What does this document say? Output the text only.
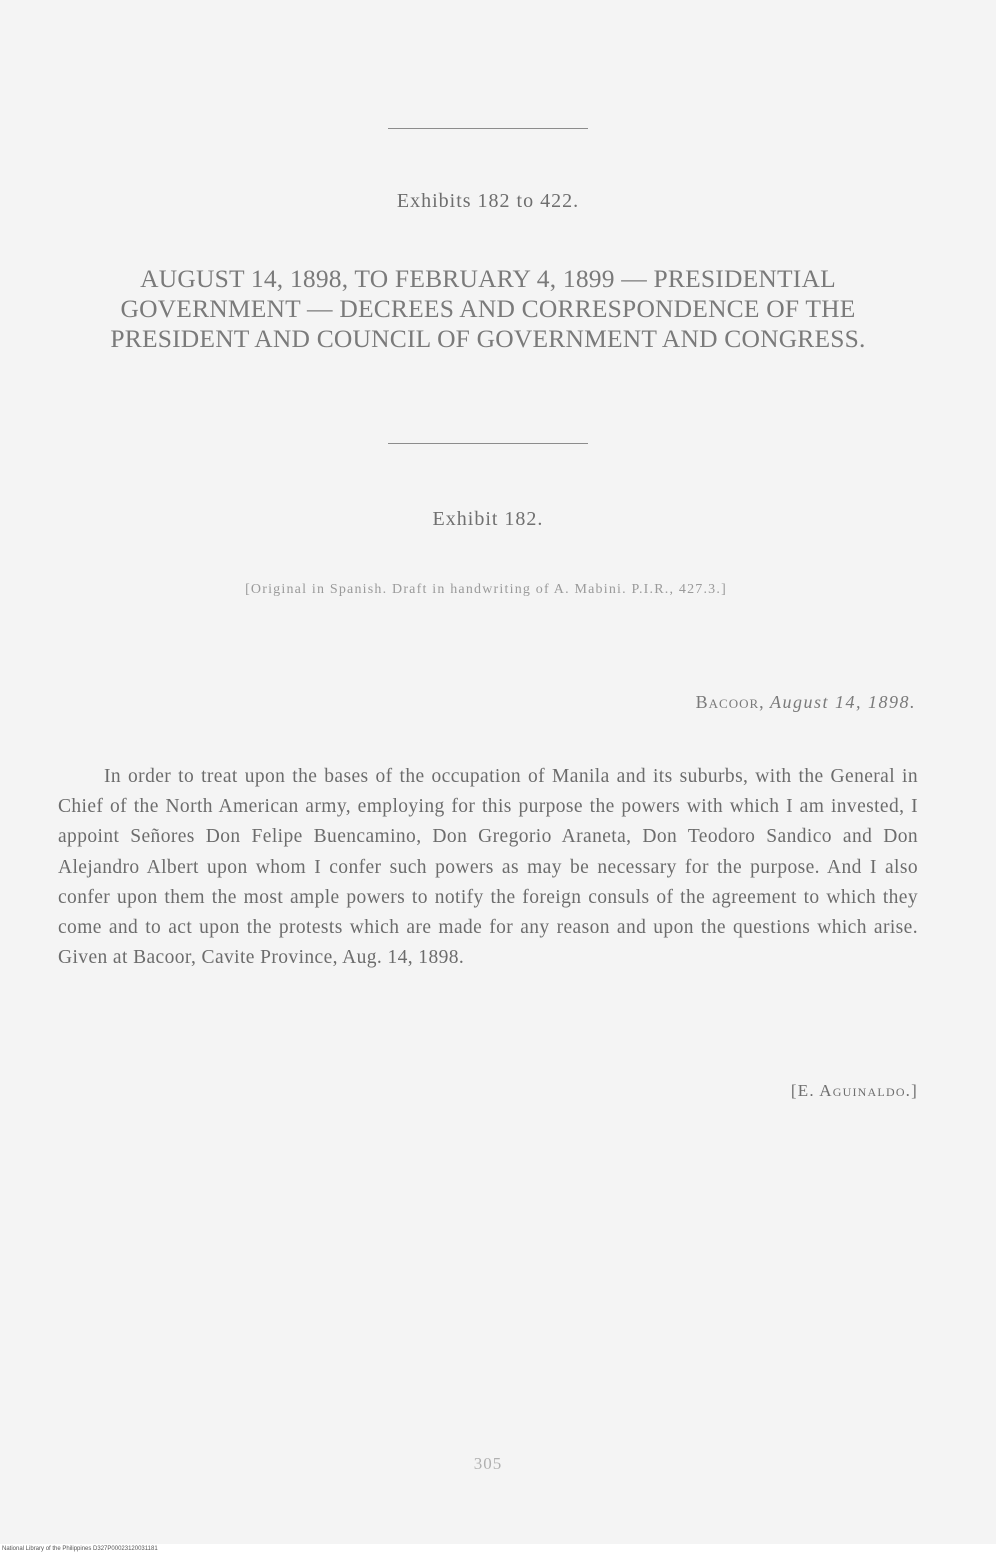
Exhibits 182 to 422.
AUGUST 14, 1898, TO FEBRUARY 4, 1899 — PRESIDENTIAL GOVERNMENT — DECREES AND CORRESPONDENCE OF THE PRESIDENT AND COUNCIL OF GOVERNMENT AND CONGRESS.
Exhibit 182.
[Original in Spanish. Draft in handwriting of A. Mabini. P.I.R., 427.3.]
Bacoor, August 14, 1898.
In order to treat upon the bases of the occupation of Manila and its suburbs, with the General in Chief of the North American army, employing for this purpose the powers with which I am invested, I appoint Señores Don Felipe Buencamino, Don Gregorio Araneta, Don Teodoro Sandico and Don Alejandro Albert upon whom I confer such powers as may be necessary for the purpose. And I also confer upon them the most ample powers to notify the foreign consuls of the agreement to which they come and to act upon the protests which are made for any reason and upon the questions which arise. Given at Bacoor, Cavite Province, Aug. 14, 1898.
[E. Aguinaldo.]
305
National Library of the Philippines D327P00023120031181
